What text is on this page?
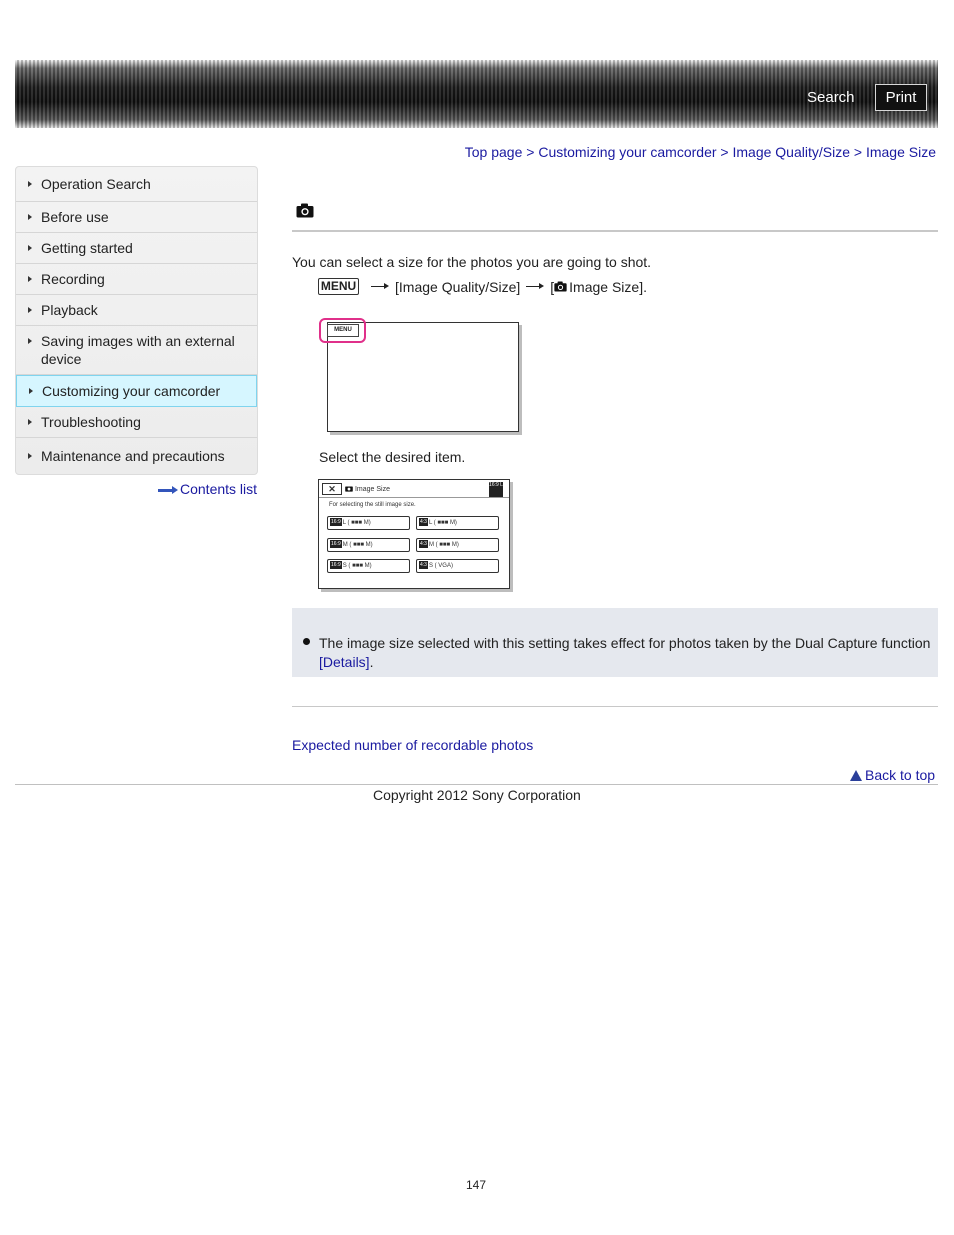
Search	Print
Top page > Customizing your camcorder > Image Quality/Size > Image Size
Operation Search
Before use
Getting started
Recording
Playback
Saving images with an external device
Customizing your camcorder
Troubleshooting
Maintenance and precautions
Contents list

You can select a size for the photos you are going to shot.

MENU	[Image Quality/Size] [ Image Size].
MENU

Select the desired item.

✕	Image Size
16:9 L
For selecting the still image size.
16:9 L ( ■■■ M)	4:3 L ( ■■■ M)
16:9 M ( ■■■ M)	4:3 M ( ■■■ M)
16:9 S ( ■■■ M)	4:3 S ( VGA)

The image size selected with this setting takes effect for photos taken by the Dual Capture function [Details].

Expected number of recordable photos
Back to top

Copyright 2012 Sony Corporation

147
